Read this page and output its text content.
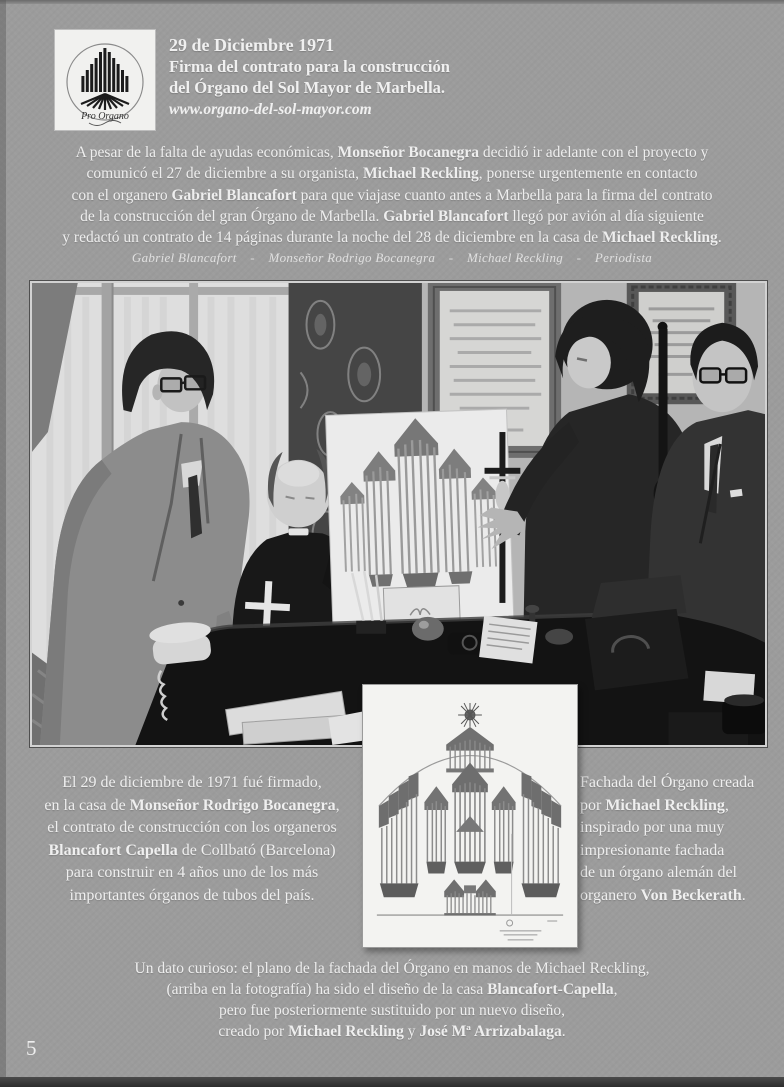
Pro Organo
29 de Diciembre 1971
Firma del contrato para la construcción
del Órgano del Sol Mayor de Marbella.
www.organo-del-sol-mayor.com
A pesar de la falta de ayudas económicas, Monseñor Bocanegra decidió ir adelante con el proyecto y
comunicó el 27 de diciembre a su organista, Michael Reckling, ponerse urgentemente en contacto
con el organero Gabriel Blancafort para que viajase cuanto antes a Marbella para la firma del contrato
de la construcción del gran Órgano de Marbella. Gabriel Blancafort llegó por avión al día siguiente
y redactó un contrato de 14 páginas durante la noche del 28 de diciembre en la casa de Michael Reckling.
Gabriel Blancafort  -  Monseñor Rodrigo Bocanegra  -  Michael Reckling  -  Periodista
El 29 de diciembre de 1971 fué firmado,
en la casa de Monseñor Rodrigo Bocanegra,
el contrato de construcción con los organeros
Blancafort Capella de Collbató (Barcelona)
para construir en 4 años uno de los más
importantes órganos de tubos del país.
Fachada del Órgano creada
por Michael Reckling,
inspirado por una muy
impresionante fachada
de un órgano alemán del
organero Von Beckerath.
Un dato curioso: el plano de la fachada del Órgano en manos de Michael Reckling,
(arriba en la fotografía) ha sido el diseño de la casa Blancafort-Capella,
pero fue posteriormente sustituido por un nuevo diseño,
creado por Michael Reckling y José Mª Arrizabalaga.
5
